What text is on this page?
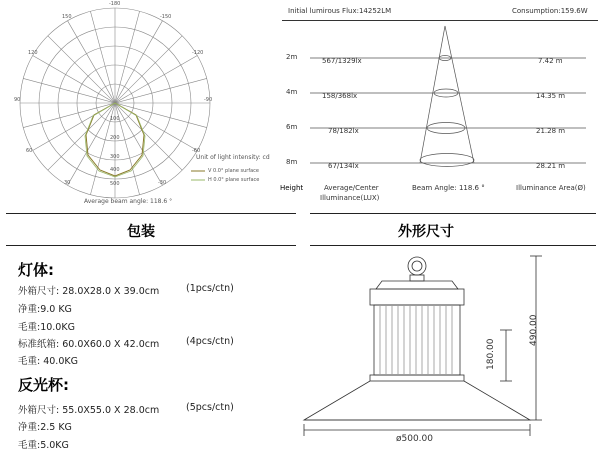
-180
150	-150
120	-120
90	-90
60	-60
30	-30
100
200
300
400
500
Unit of light intensity: cd
V 0.0° plane surface
H 0.0° plane surface
Average beam angle: 118.6 °
Initial lumirous Flux:14252LM	Consumption:159.6W
2m	567/1329lx	7.42 m
4m	158/368lx	14.35 m
6m	78/182lx	21.28 m
8m	67/134lx	28.21 m
Height	Average/Center
Illuminance(LUX)
Beam Angle: 118.6 °	Illuminance Area(Ø)
包装	外形尺寸
灯体:
外箱尺寸: 28.0X28.0 X 39.0cm	(1pcs/ctn)
净重:9.0 KG
毛重:10.0KG
标准纸箱: 60.0X60.0 X 42.0cm	(4pcs/ctn)
毛重: 40.0KG
反光杯:
外箱尺寸: 55.0X55.0 X 28.0cm	(5pcs/ctn)
净重:2.5 KG
毛重:5.0KG
490.00
180.00
ø500.00
